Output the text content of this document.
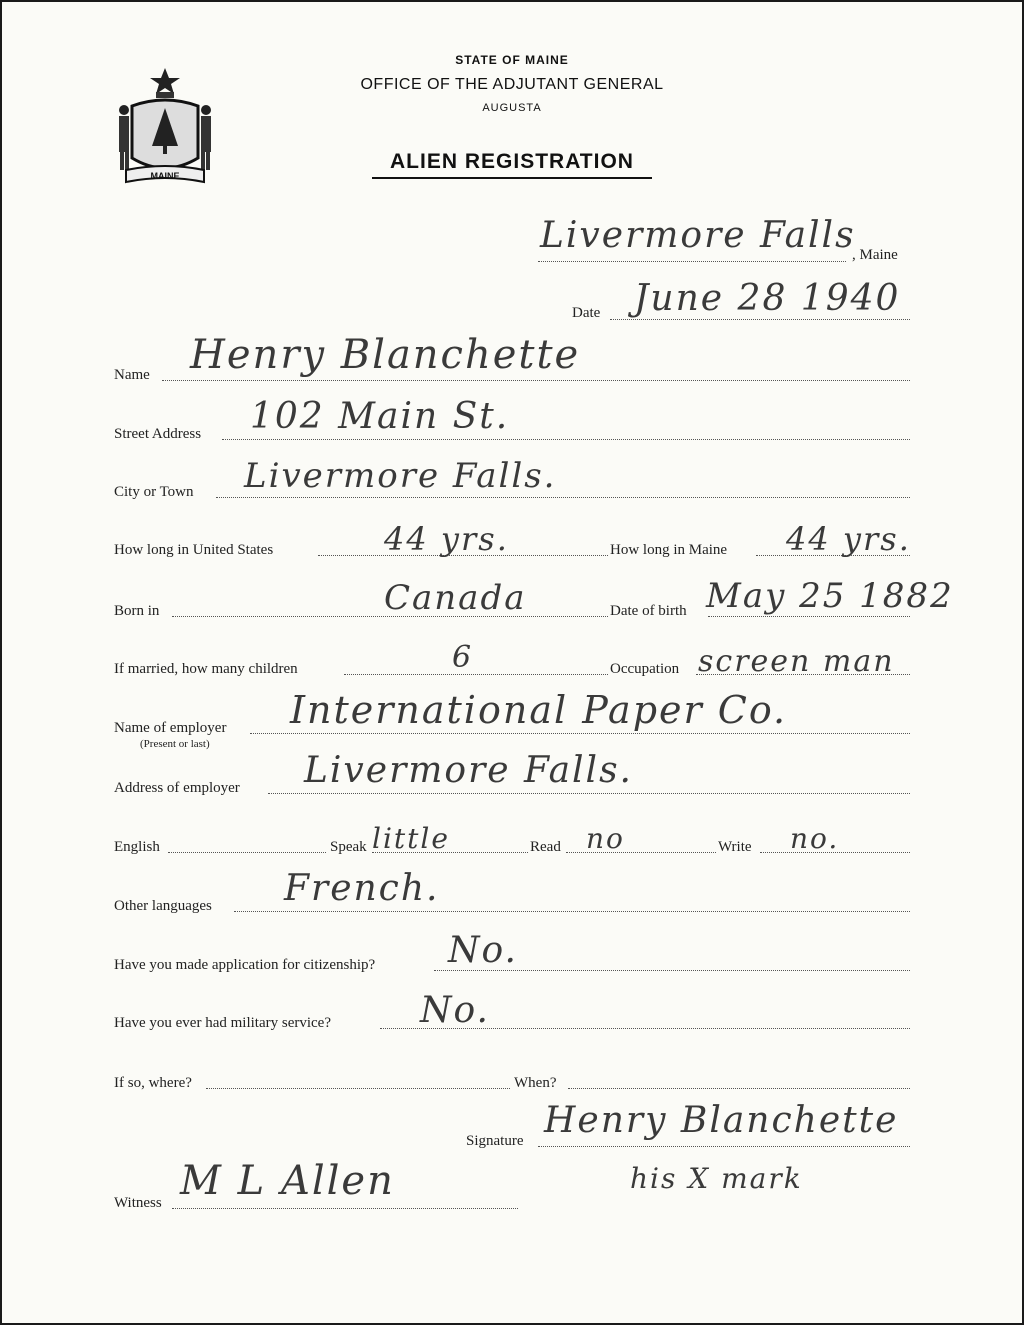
MAINE
STATE OF MAINE
OFFICE OF THE ADJUTANT GENERAL
AUGUSTA
ALIEN REGISTRATION
Livermore Falls
, Maine
Date June 28 1940
Name Henry Blanchette
Street Address 102 Main St.
City or Town Livermore Falls.
How long in United States	44 yrs.	How long in Maine 44 yrs.
Born in	Canada	Date of birth May 25 1882
If married, how many children	6	Occupation screen man
Name of employer
(Present or last)
International Paper Co.
Address of employer Livermore Falls.
English	Speak little	Read no	Write no.
Other languages French.
Have you made application for citizenship? No.
Have you ever had military service? No.
If so, where?	When?
Signature Henry Blanchette
his X mark
Witness M L Allen
